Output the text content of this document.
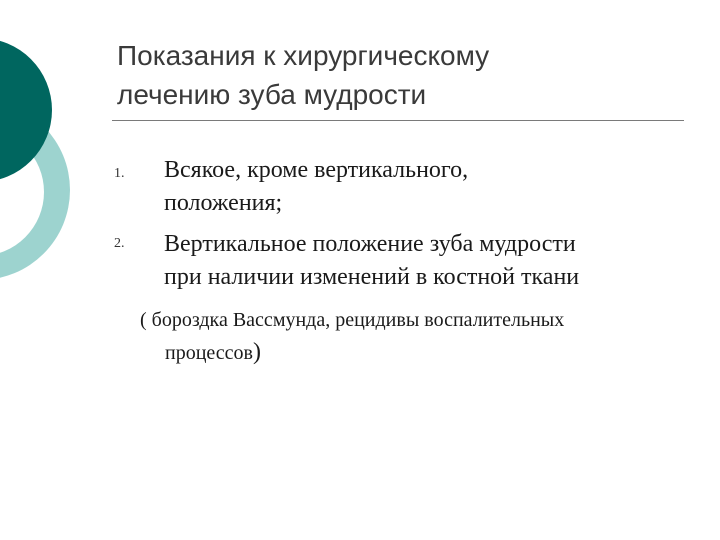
Показания к хирургическому
лечению зуба мудрости
1. Всякое, кроме вертикального,
положения;
2. Вертикальное положение зуба мудрости
при наличии изменений в костной ткани
( бороздка Вассмунда, рецидивы воспалительных
процессов)
